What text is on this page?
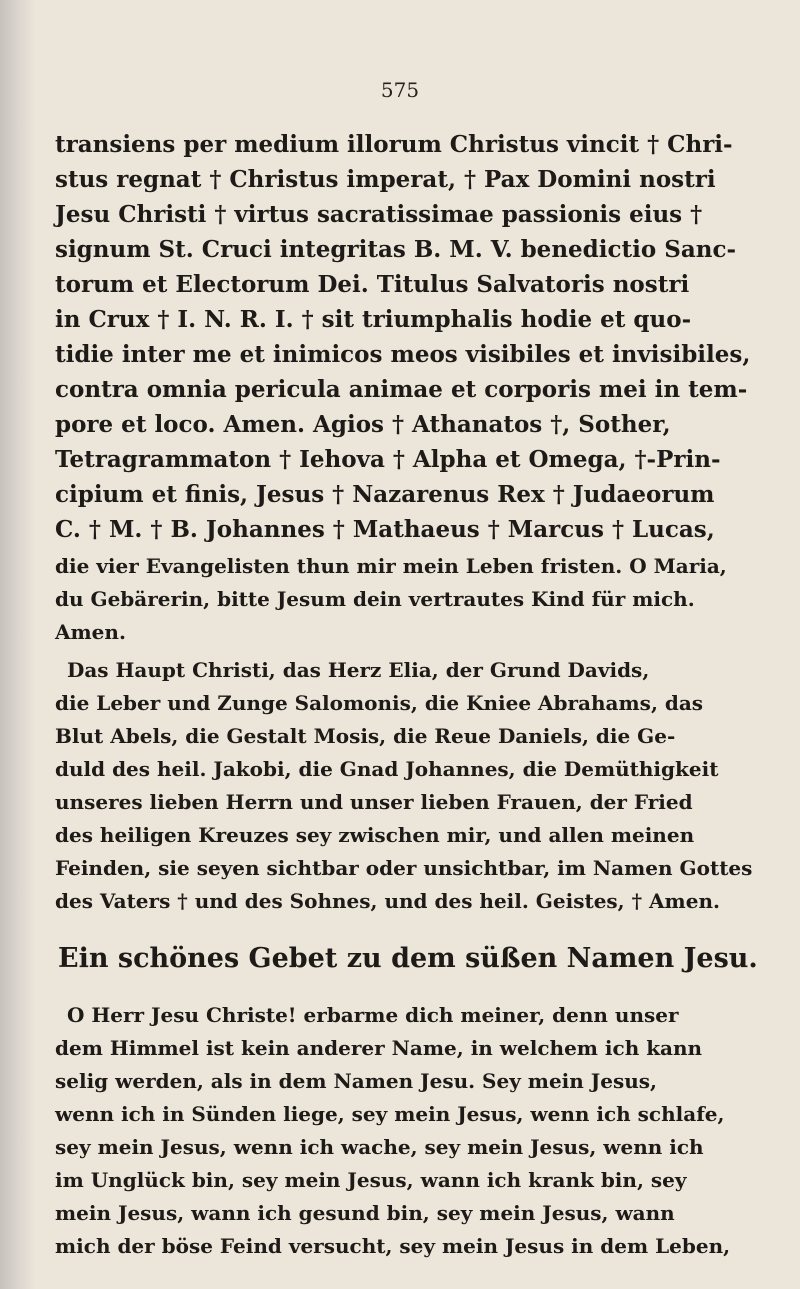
575
transiens per medium illorum Christus vincit † Chri-
stus regnat † Christus imperat, † Pax Domini nostri
Jesu Christi † virtus sacratissimae passionis eius †
signum St. Cruci integritas B. M. V. benedictio Sanc-
torum et Electorum Dei. Titulus Salvatoris nostri
in Crux † I. N. R. I. † sit triumphalis hodie et quo-
tidie inter me et inimicos meos visibiles et invisibiles,
contra omnia pericula animae et corporis mei in tem-
pore et loco. Amen. Agios † Athanatos †, Sother,
Tetragrammaton † Iehova † Alpha et Omega, †-Prin-
cipium et finis, Jesus † Nazarenus Rex † Judaeorum
C. † M. † B. Johannes † Mathaeus † Marcus † Lucas,
die vier Evangelisten thun mir mein Leben fristen. O Maria,
du Gebärerin, bitte Jesum dein vertrautes Kind für mich.
Amen.
Das Haupt Christi, das Herz Elia, der Grund Davids,
die Leber und Zunge Salomonis, die Kniee Abrahams, das
Blut Abels, die Gestalt Mosis, die Reue Daniels, die Ge-
duld des heil. Jakobi, die Gnad Johannes, die Demüthigkeit
unseres lieben Herrn und unser lieben Frauen, der Fried
des heiligen Kreuzes sey zwischen mir, und allen meinen
Feinden, sie seyen sichtbar oder unsichtbar, im Namen Gottes
des Vaters † und des Sohnes, und des heil. Geistes, † Amen.
Ein schönes Gebet zu dem süßen Namen Jesu.
O Herr Jesu Christe! erbarme dich meiner, denn unser
dem Himmel ist kein anderer Name, in welchem ich kann
selig werden, als in dem Namen Jesu. Sey mein Jesus,
wenn ich in Sünden liege, sey mein Jesus, wenn ich schlafe,
sey mein Jesus, wenn ich wache, sey mein Jesus, wenn ich
im Unglück bin, sey mein Jesus, wann ich krank bin, sey
mein Jesus, wann ich gesund bin, sey mein Jesus, wann
mich der böse Feind versucht, sey mein Jesus in dem Leben,
